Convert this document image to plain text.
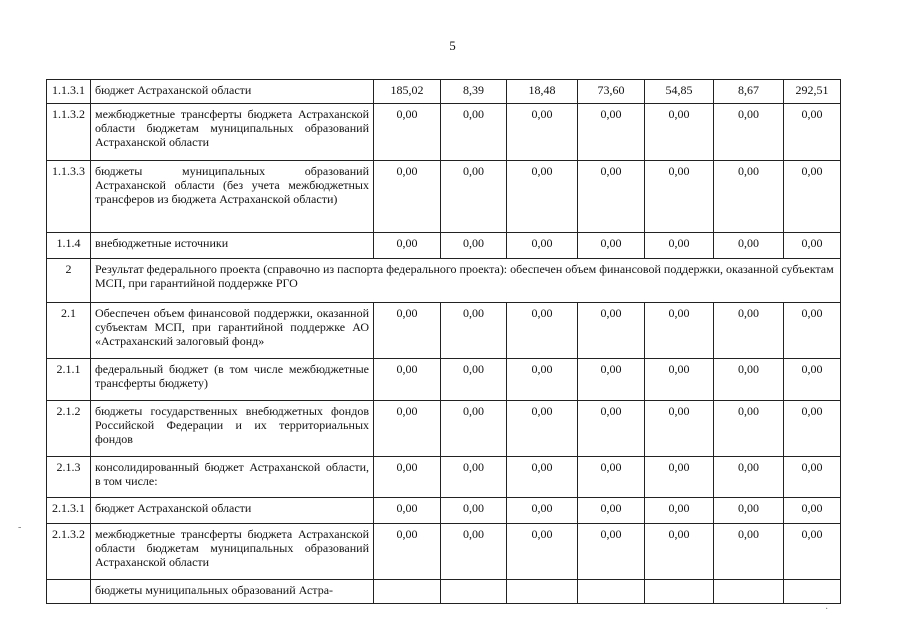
5
1.1.3.1	бюджет Астраханской области	185,02	8,39	18,48	73,60	54,85	8,67	292,51
1.1.3.2	межбюджетные трансферты бюджета Астраханской области бюджетам муниципальных образований Астраханской области	0,00	0,00	0,00	0,00	0,00	0,00	0,00
1.1.3.3	бюджеты муниципальных образований Астраханской области (без учета межбюджетных трансферов из бюджета Астраханской области)	0,00	0,00	0,00	0,00	0,00	0,00	0,00
1.1.4	внебюджетные источники	0,00	0,00	0,00	0,00	0,00	0,00	0,00
2	Результат федерального проекта (справочно из паспорта федерального проекта): обеспечен объем финансовой поддержки, оказанной субъектам МСП, при гарантийной поддержке РГО							
2.1	Обеспечен объем финансовой поддержки, оказанной субъектам МСП, при гарантийной поддержке АО «Астраханский залоговый фонд»	0,00	0,00	0,00	0,00	0,00	0,00	0,00
2.1.1	федеральный бюджет (в том числе межбюджетные трансферты бюджету)	0,00	0,00	0,00	0,00	0,00	0,00	0,00
2.1.2	бюджеты государственных внебюджетных фондов Российской Федерации и их территориальных фондов	0,00	0,00	0,00	0,00	0,00	0,00	0,00
2.1.3	консолидированный бюджет Астраханской области, в том числе:	0,00	0,00	0,00	0,00	0,00	0,00	0,00
2.1.3.1	бюджет Астраханской области	0,00	0,00	0,00	0,00	0,00	0,00	0,00
2.1.3.2	межбюджетные трансферты бюджета Астраханской области бюджетам муниципальных образований Астраханской области	0,00	0,00	0,00	0,00	0,00	0,00	0,00
	бюджеты муниципальных образований Астра-							
-
·
